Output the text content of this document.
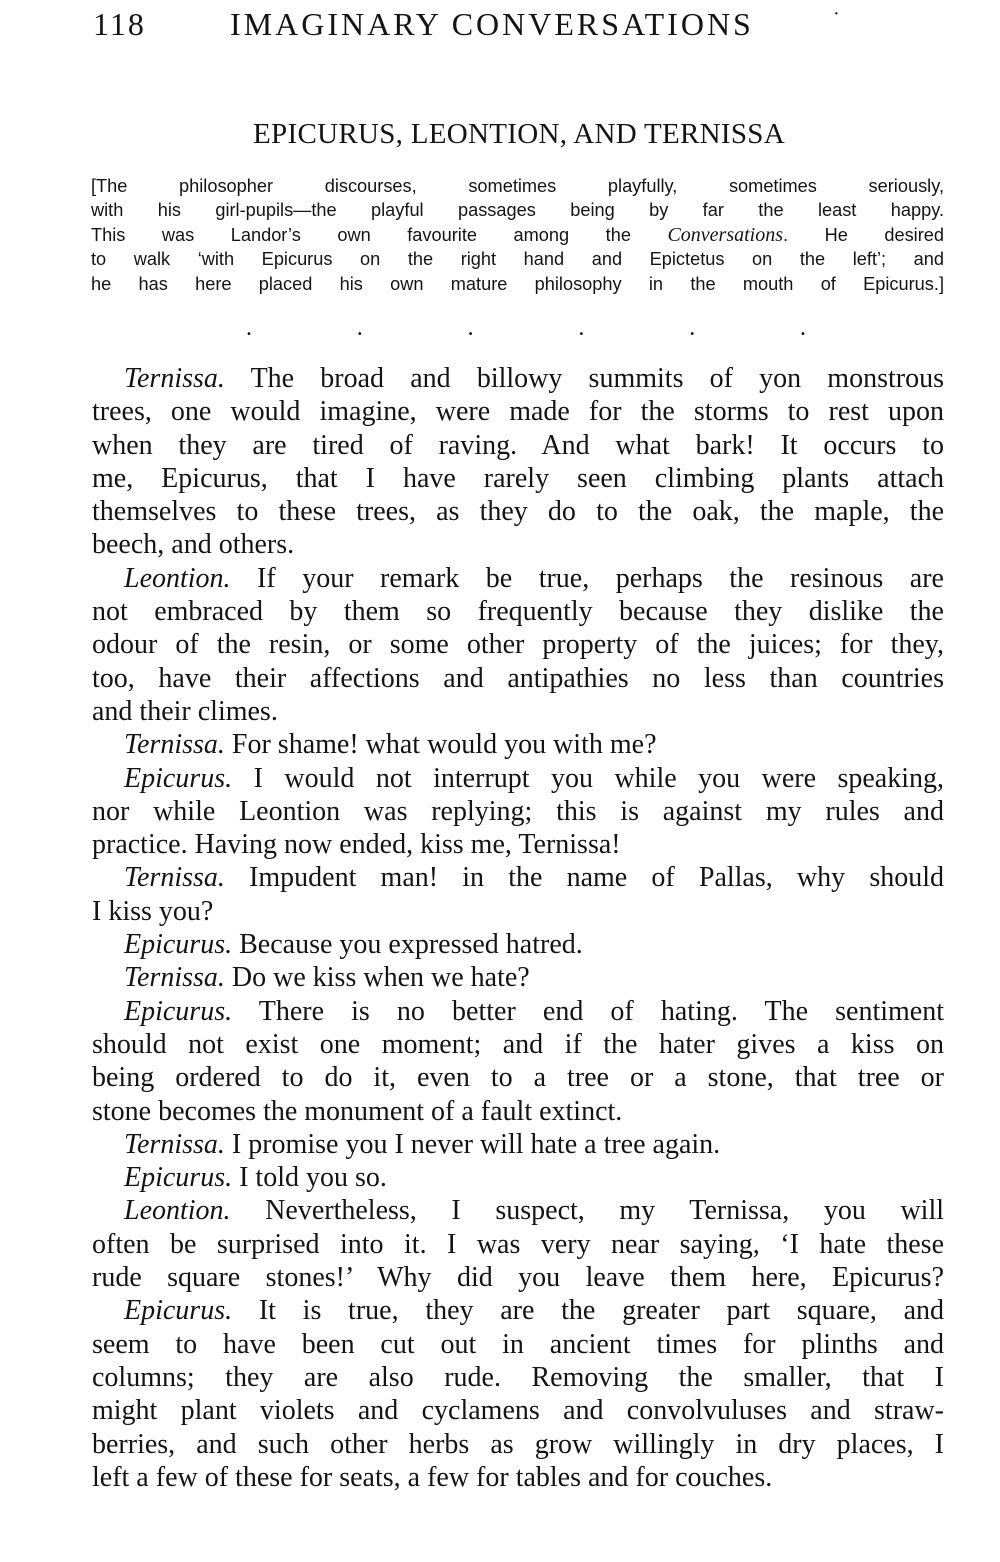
118	IMAGINARY CONVERSATIONS	·
EPICURUS, LEONTION, AND TERNISSA
[The philosopher discourses, sometimes playfully, sometimes seriously,
with his girl-pupils—the playful passages being by far the least happy.
This was Landor’s own favourite among the Conversations. He desired
to walk ‘with Epicurus on the right hand and Epictetus on the left’; and
he has here placed his own mature philosophy in the mouth of Epicurus.]
.	.	.	.	.	.
Ternissa. The broad and billowy summits of yon monstrous
trees, one would imagine, were made for the storms to rest upon
when they are tired of raving. And what bark! It occurs to
me, Epicurus, that I have rarely seen climbing plants attach
themselves to these trees, as they do to the oak, the maple, the
beech, and others.
Leontion. If your remark be true, perhaps the resinous are
not embraced by them so frequently because they dislike the
odour of the resin, or some other property of the juices; for they,
too, have their affections and antipathies no less than countries
and their climes.
Ternissa. For shame! what would you with me?
Epicurus. I would not interrupt you while you were speaking,
nor while Leontion was replying; this is against my rules and
practice. Having now ended, kiss me, Ternissa!
Ternissa. Impudent man! in the name of Pallas, why should
I kiss you?
Epicurus. Because you expressed hatred.
Ternissa. Do we kiss when we hate?
Epicurus. There is no better end of hating. The sentiment
should not exist one moment; and if the hater gives a kiss on
being ordered to do it, even to a tree or a stone, that tree or
stone becomes the monument of a fault extinct.
Ternissa. I promise you I never will hate a tree again.
Epicurus. I told you so.
Leontion. Nevertheless, I suspect, my Ternissa, you will
often be surprised into it. I was very near saying, ‘I hate these
rude square stones!’ Why did you leave them here, Epicurus?
Epicurus. It is true, they are the greater part square, and
seem to have been cut out in ancient times for plinths and
columns; they are also rude. Removing the smaller, that I
might plant violets and cyclamens and convolvuluses and straw-
berries, and such other herbs as grow willingly in dry places, I
left a few of these for seats, a few for tables and for couches.
